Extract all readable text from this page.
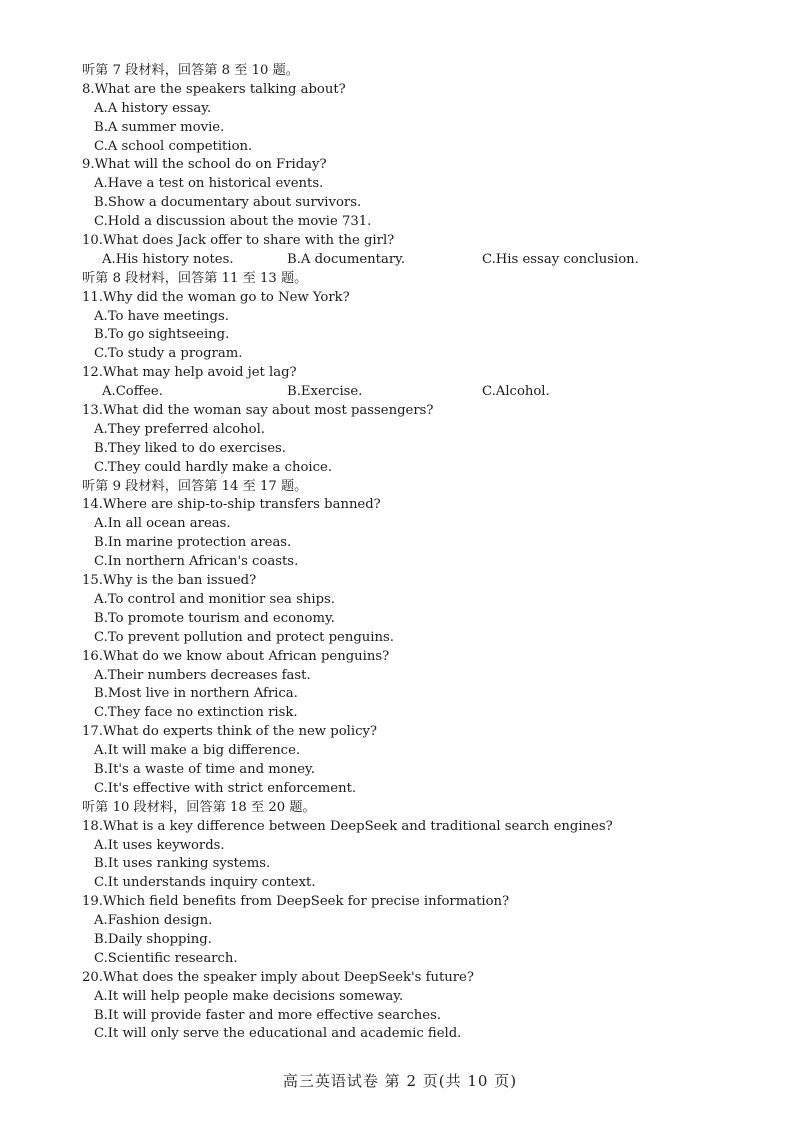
听第 7 段材料，回答第 8 至 10 题。
8.What are the speakers talking about?
A.A history essay.
B.A summer movie.
C.A school competition.
9.What will the school do on Friday?
A.Have a test on historical events.
B.Show a documentary about survivors.
C.Hold a discussion about the movie 731.
10.What does Jack offer to share with the girl?
A.His history notes.	B.A documentary.	C.His essay conclusion.
听第 8 段材料，回答第 11 至 13 题。
11.Why did the woman go to New York?
A.To have meetings.
B.To go sightseeing.
C.To study a program.
12.What may help avoid jet lag?
A.Coffee.	B.Exercise.	C.Alcohol.
13.What did the woman say about most passengers?
A.They preferred alcohol.
B.They liked to do exercises.
C.They could hardly make a choice.
听第 9 段材料，回答第 14 至 17 题。
14.Where are ship-to-ship transfers banned?
A.In all ocean areas.
B.In marine protection areas.
C.In northern African's coasts.
15.Why is the ban issued?
A.To control and monitior sea ships.
B.To promote tourism and economy.
C.To prevent pollution and protect penguins.
16.What do we know about African penguins?
A.Their numbers decreases fast.
B.Most live in northern Africa.
C.They face no extinction risk.
17.What do experts think of the new policy?
A.It will make a big difference.
B.It's a waste of time and money.
C.It's effective with strict enforcement.
听第 10 段材料，回答第 18 至 20 题。
18.What is a key difference between DeepSeek and traditional search engines?
A.It uses keywords.
B.It uses ranking systems.
C.It understands inquiry context.
19.Which field benefits from DeepSeek for precise information?
A.Fashion design.
B.Daily shopping.
C.Scientific research.
20.What does the speaker imply about DeepSeek's future?
A.It will help people make decisions someway.
B.It will provide faster and more effective searches.
C.It will only serve the educational and academic field.
高三英语试卷 第 2 页(共 10 页)
